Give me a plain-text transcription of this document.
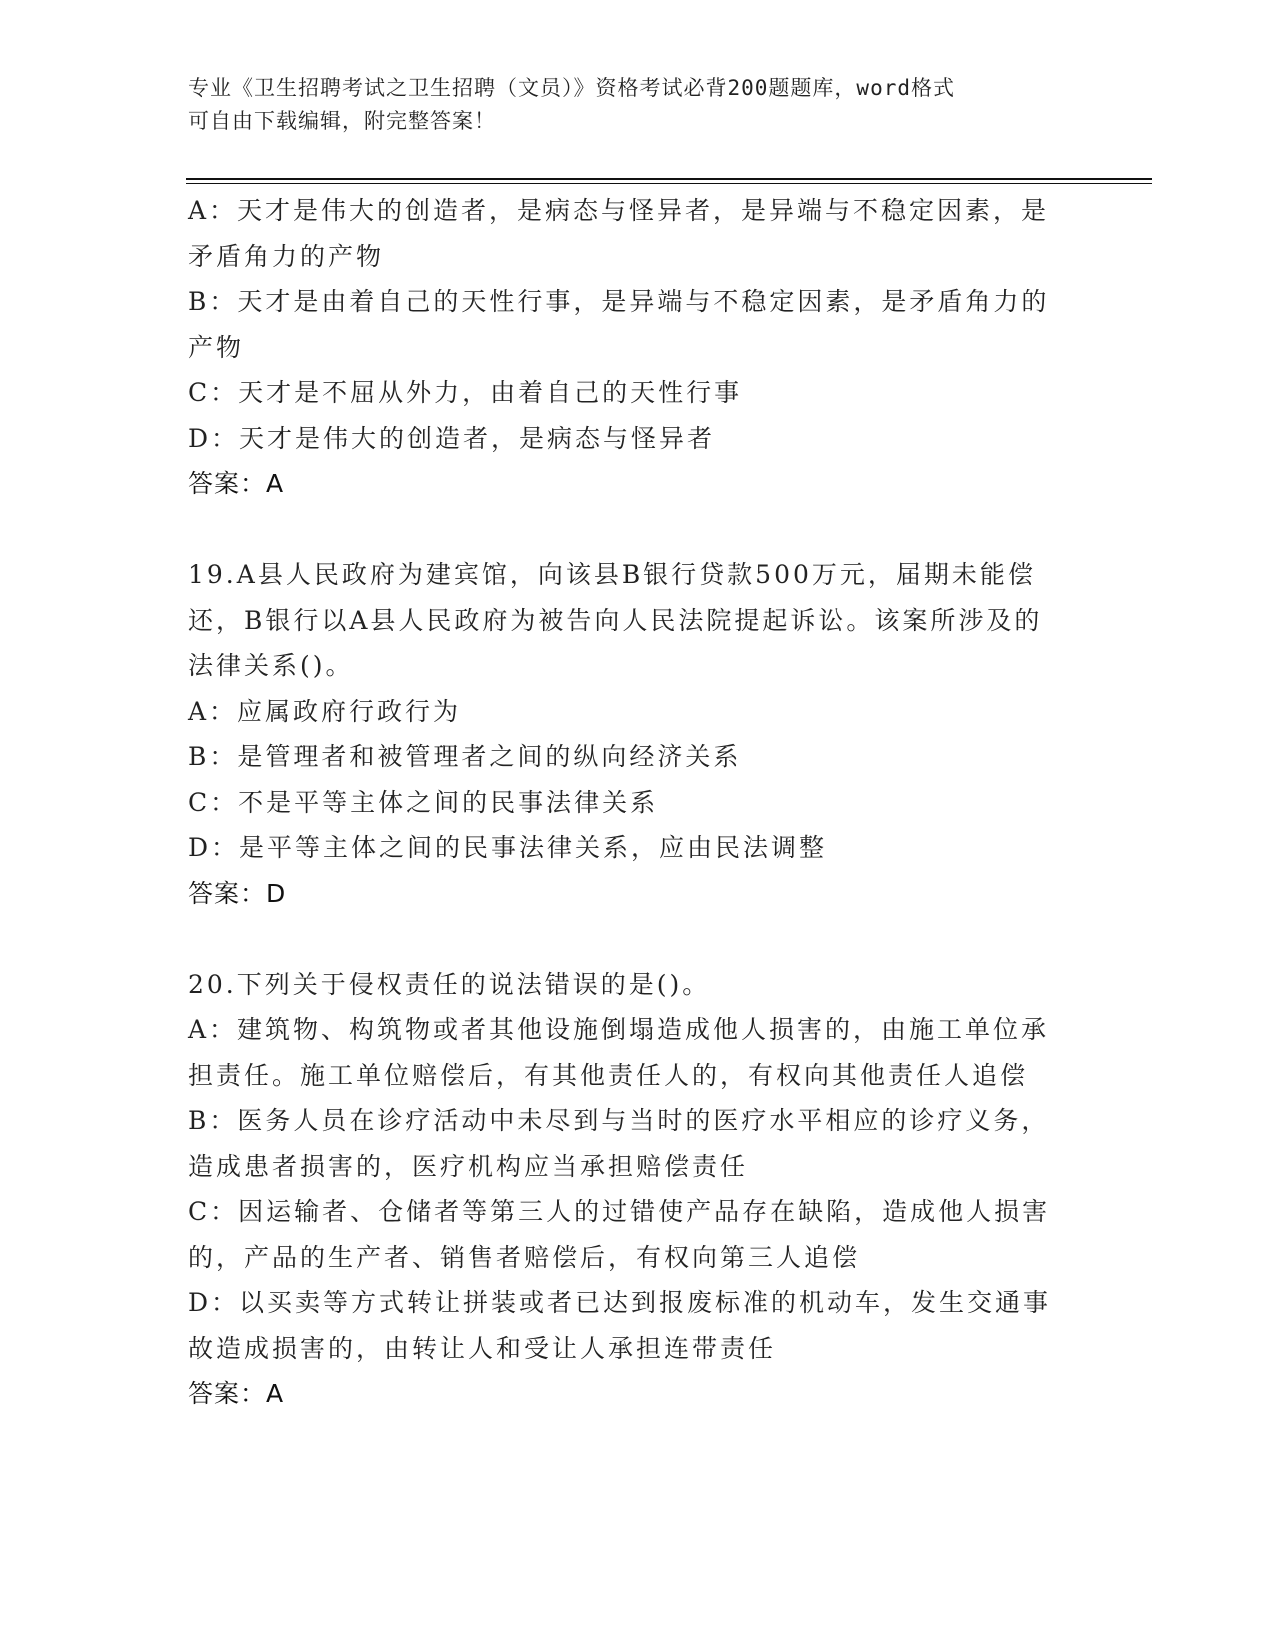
专业《卫生招聘考试之卫生招聘（文员）》资格考试必背200题题库，word格式
可自由下载编辑，附完整答案！
A：天才是伟大的创造者，是病态与怪异者，是异端与不稳定因素，是
矛盾角力的产物
B：天才是由着自己的天性行事，是异端与不稳定因素，是矛盾角力的
产物
C：天才是不屈从外力，由着自己的天性行事
D：天才是伟大的创造者，是病态与怪异者
答案：A
19.A县人民政府为建宾馆，向该县B银行贷款500万元，届期未能偿
还，B银行以A县人民政府为被告向人民法院提起诉讼。该案所涉及的
法律关系()。
A：应属政府行政行为
B：是管理者和被管理者之间的纵向经济关系
C：不是平等主体之间的民事法律关系
D：是平等主体之间的民事法律关系，应由民法调整
答案：D
20.下列关于侵权责任的说法错误的是()。
A：建筑物、构筑物或者其他设施倒塌造成他人损害的，由施工单位承
担责任。施工单位赔偿后，有其他责任人的，有权向其他责任人追偿
B：医务人员在诊疗活动中未尽到与当时的医疗水平相应的诊疗义务，
造成患者损害的，医疗机构应当承担赔偿责任
C：因运输者、仓储者等第三人的过错使产品存在缺陷，造成他人损害
的，产品的生产者、销售者赔偿后，有权向第三人追偿
D：以买卖等方式转让拼装或者已达到报废标准的机动车，发生交通事
故造成损害的，由转让人和受让人承担连带责任
答案：A
